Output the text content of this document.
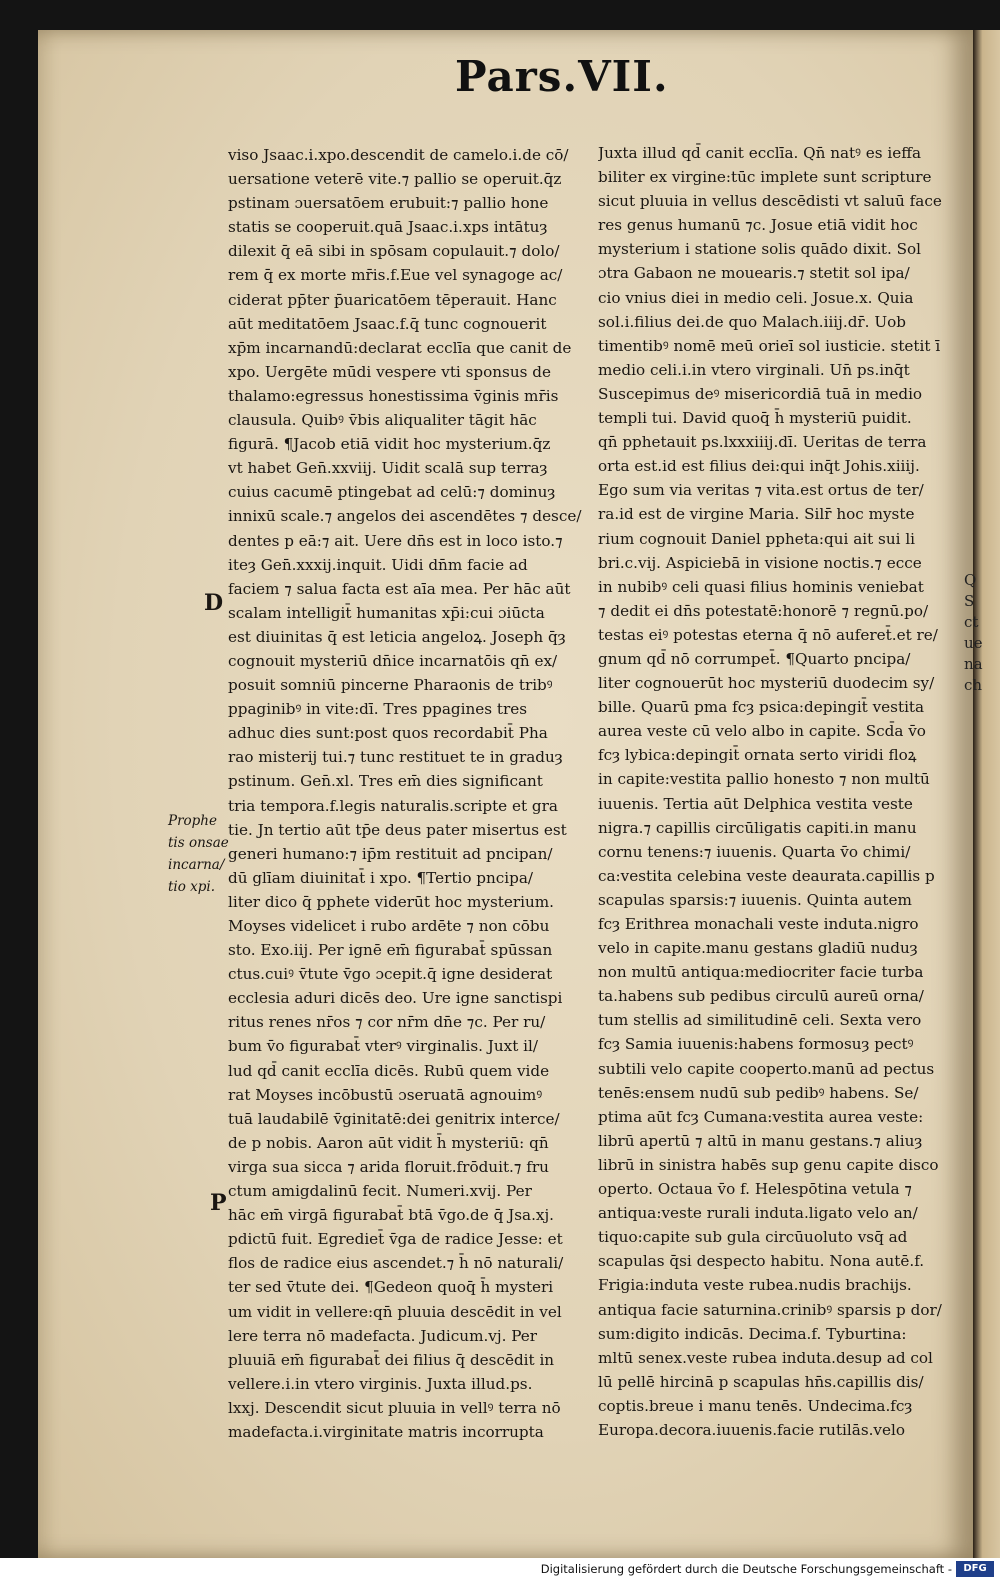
Pars.VII.
viso Jsaac.i.xpo.descendit de camelo.i.de cō/
uersatione veterē vite.⁊ pallio se operuit.q̄z
pstinam ɔuersatōem erubuit:⁊ pallio hone
statis se cooperuit.quā Jsaac.i.xps intātuȝ
dilexit q̄ eā sibi in spōsam copulauit.⁊ dolo/
rem q̄ ex morte mr̄is.f.Eue vel synagoge ac/
ciderat pp̄ter p̄uaricatōem tēperauit. Hanc
aūt meditatōem Jsaac.f.q̄ tunc cognouerit
xp̄m incarnandū:declarat ecclīa que canit de
xpo. Uergēte mūdi vespere vti sponsus de
thalamo:egressus honestissima v̄ginis mr̄is
clausula. Quibꝰ v̄bis aliqualiter tāgit hāc
figurā. ¶Jacob etiā vidit hoc mysterium.q̄z
vt habet Gen̄.xxviij. Uidit scalā sup terraȝ
cuius cacumē ptingebat ad celū:⁊ dominuȝ
innixū scale.⁊ angelos dei ascendētes ⁊ desce/
dentes p eā:⁊ ait. Uere dn̄s est in loco isto.⁊
iteȝ Gen̄.xxxij.inquit. Uidi dn̄m facie ad
faciem ⁊ salua facta est aīa mea. Per hāc aūt
scalam intelligit̄ humanitas xp̄i:cui ɔiūcta
est diuinitas q̄ est leticia angeloꝝ. Joseph q̄ȝ
cognouit mysteriū dn̄ice incarnatōis qn̄ ex/
posuit somniū pincerne Pharaonis de tribꝰ
ppaginibꝰ in vite:dī. Tres ppagines tres
adhuc dies sunt:post quos recordabit̄ Pha
rao misterij tui.⁊ tunc restituet te in graduȝ
pstinum. Gen̄.xl. Tres em̄ dies significant
tria tempora.f.legis naturalis.scripte et gra
tie. Jn tertio aūt tp̄e deus pater misertus est
generi humano:⁊ ip̄m restituit ad pncipan/
dū glīam diuinitat̄ i xpo. ¶Tertio pncipa/
liter dico q̄ pphete viderūt hoc mysterium.
Moyses videlicet i rubo ardēte ⁊ non cōbu
sto. Exo.iij. Per ignē em̄ figurabat̄ spūssan
ctus.cuiꝰ v̄tute v̄go ɔcepit.q̄ igne desiderat
ecclesia aduri dicēs deo. Ure igne sanctispi
ritus renes nr̄os ⁊ cor nr̄m dn̄e ⁊c. Per ru/
bum v̄o figurabat̄ vterꝰ virginalis. Juxt il/
lud qd̄ canit ecclīa dicēs. Rubū quem vide
rat Moyses incōbustū ɔseruatā agnouimꝰ
tuā laudabilē v̄ginitatē:dei genitrix interce/
de p nobis. Aaron aūt vidit h̄ mysteriū: qn̄
virga sua sicca ⁊ arida floruit.frōduit.⁊ fru
ctum amigdalinū fecit. Numeri.xvij. Per
hāc em̄ virgā figurabat̄ btā v̄go.de q̄ Jsa.xj.
pdictū fuit. Egrediet̄ v̄ga de radice Jesse: et
flos de radice eius ascendet.⁊ h̄ nō naturali/
ter sed v̄tute dei. ¶Gedeon quoq̄ h̄ mysteri
um vidit in vellere:qn̄ pluuia descēdit in vel
lere terra nō madefacta. Judicum.vj. Per
pluuiā em̄ figurabat̄ dei filius q̄ descēdit in
vellere.i.in vtero virginis. Juxta illud.ps.
lxxj. Descendit sicut pluuia in vellꝰ terra nō
madefacta.i.virginitate matris incorrupta
Juxta illud qd̄ canit ecclīa. Qn̄ natꝰ es ieffa
biliter ex virgine:tūc implete sunt scripture
sicut pluuia in vellus descēdisti vt saluū face
res genus humanū ⁊c. Josue etiā vidit hoc
mysterium i statione solis quādo dixit. Sol
ɔtra Gabaon ne mouearis.⁊ stetit sol ipa/
cio vnius diei in medio celi. Josue.x. Quia
sol.i.filius dei.de quo Malach.iiij.dr̄. Uob
timentibꝰ nomē meū orieī sol iusticie. stetit ī
medio celi.i.in vtero virginali. Un̄ ps.inq̄t
Suscepimus deꝰ misericordiā tuā in medio
templi tui. David quoq̄ h̄ mysteriū puidit.
qn̄ pphetauit ps.lxxxiiij.dī. Ueritas de terra
orta est.id est filius dei:qui inq̄t Johis.xiiij.
Ego sum via veritas ⁊ vita.est ortus de ter/
ra.id est de virgine Maria. Silr̄ hoc myste
rium cognouit Daniel ppheta:qui ait sui li
bri.c.vij. Aspiciebā in visione noctis.⁊ ecce
in nubibꝰ celi quasi filius hominis veniebat
⁊ dedit ei dn̄s potestatē:honorē ⁊ regnū.po/
testas eiꝰ potestas eterna q̄ nō auferet̄.et re/
gnum qd̄ nō corrumpet̄. ¶Quarto pncipa/
liter cognouerūt hoc mysteriū duodecim sy/
bille. Quarū pma fcȝ psica:depingit̄ vestita
aurea veste cū velo albo in capite. Scd̄a v̄o
fcȝ lybica:depingit̄ ornata serto viridi floꝝ
in capite:vestita pallio honesto ⁊ non multū
iuuenis. Tertia aūt Delphica vestita veste
nigra.⁊ capillis circūligatis capiti.in manu
cornu tenens:⁊ iuuenis. Quarta v̄o chimi/
ca:vestita celebina veste deaurata.capillis p
scapulas sparsis:⁊ iuuenis. Quinta autem
fcȝ Erithrea monachali veste induta.nigro
velo in capite.manu gestans gladiū nuduȝ
non multū antiqua:mediocriter facie turba
ta.habens sub pedibus circulū aureū orna/
tum stellis ad similitudinē celi. Sexta vero
fcȝ Samia iuuenis:habens formosuȝ pectꝰ
subtili velo capite cooperto.manū ad pectus
tenēs:ensem nudū sub pedibꝰ habens. Se/
ptima aūt fcȝ Cumana:vestita aurea veste:
librū apertū ⁊ altū in manu gestans.⁊ aliuȝ
librū in sinistra habēs sup genu capite disco
operto. Octaua v̄o f. Helespōtina vetula ⁊
antiqua:veste rurali induta.ligato velo an/
tiquo:capite sub gula circūuoluto vsq̄ ad
scapulas q̄si despecto habitu. Nona autē.f.
Frigia:induta veste rubea.nudis brachijs.
antiqua facie saturnina.crinibꝰ sparsis p dor/
sum:digito indicās. Decima.f. Tyburtina:
mltū senex.veste rubea induta.desup ad col
lū pellē hircinā p scapulas hn̄s.capillis dis/
coptis.breue i manu tenēs. Undecima.fcȝ
Europa.decora.iuuenis.facie rutilās.velo
Prophe
tis onsae
incarna/
tio xpi.
D
P
Q
S
ct
ue
na
ch
Digitalisierung gefördert durch die Deutsche Forschungsgemeinschaft -	DFG
